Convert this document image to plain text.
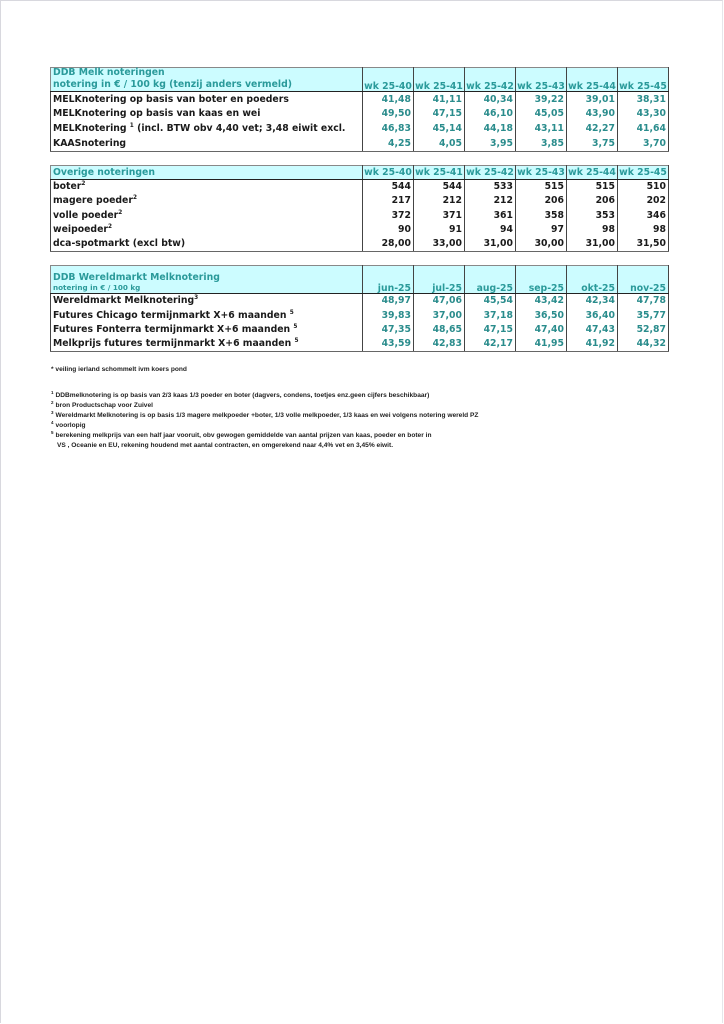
DDB Melk noteringen
notering in € / 100 kg (tenzij anders vermeld)	wk 25-40	wk 25-41	wk 25-42	wk 25-43	wk 25-44	wk 25-45
MELKnotering op basis van boter en poeders	41,48	41,11	40,34	39,22	39,01	38,31
MELKnotering op basis van kaas en wei	49,50	47,15	46,10	45,05	43,90	43,30
MELKnotering $^1$ (incl. BTW obv 4,40 vet; 3,48 eiwit excl.	46,83	45,14	44,18	43,11	42,27	41,64
KAASnotering	4,25	4,05	3,95	3,85	3,75	3,70
Overige noteringen	wk 25-40	wk 25-41	wk 25-42	wk 25-43	wk 25-44	wk 25-45
boter$^2$	544	544	533	515	515	510
magere poeder$^2$	217	212	212	206	206	202
volle poeder$^2$	372	371	361	358	353	346
weipoeder$^2$	90	91	94	97	98	98
dca-spotmarkt (excl btw)	28,00	33,00	31,00	30,00	31,00	31,50
DDB Wereldmarkt Melknotering
notering in € / 100 kg	jun-25	jul-25	aug-25	sep-25	okt-25	nov-25
Wereldmarkt Melknotering$^3$	48,97	47,06	45,54	43,42	42,34	47,78
Futures Chicago termijnmarkt X+6 maanden $^5$	39,83	37,00	37,18	36,50	36,40	35,77
Futures Fonterra termijnmarkt X+6 maanden $^5$	47,35	48,65	47,15	47,40	47,43	52,87
Melkprijs futures termijnmarkt X+6 maanden $^5$	43,59	42,83	42,17	41,95	41,92	44,32
* veiling ierland schommelt ivm koers pond
$^1$ DDBmelknotering is op basis van 2/3 kaas 1/3 poeder en boter (dagvers, condens, toetjes enz.geen cijfers beschikbaar)
$^2$ bron Productschap voor Zuivel
$^3$ Wereldmarkt Melknotering is op basis 1/3 magere melkpoeder +boter, 1/3 volle melkpoeder, 1/3 kaas en wei volgens notering wereld PZ
$^4$ voorlopig
$^5$ berekening melkprijs van een half jaar vooruit, obv gewogen gemiddelde van aantal prijzen van kaas, poeder en boter in
VS , Oceanie en EU, rekening houdend met aantal contracten, en omgerekend naar 4,4% vet en 3,45% eiwit.
